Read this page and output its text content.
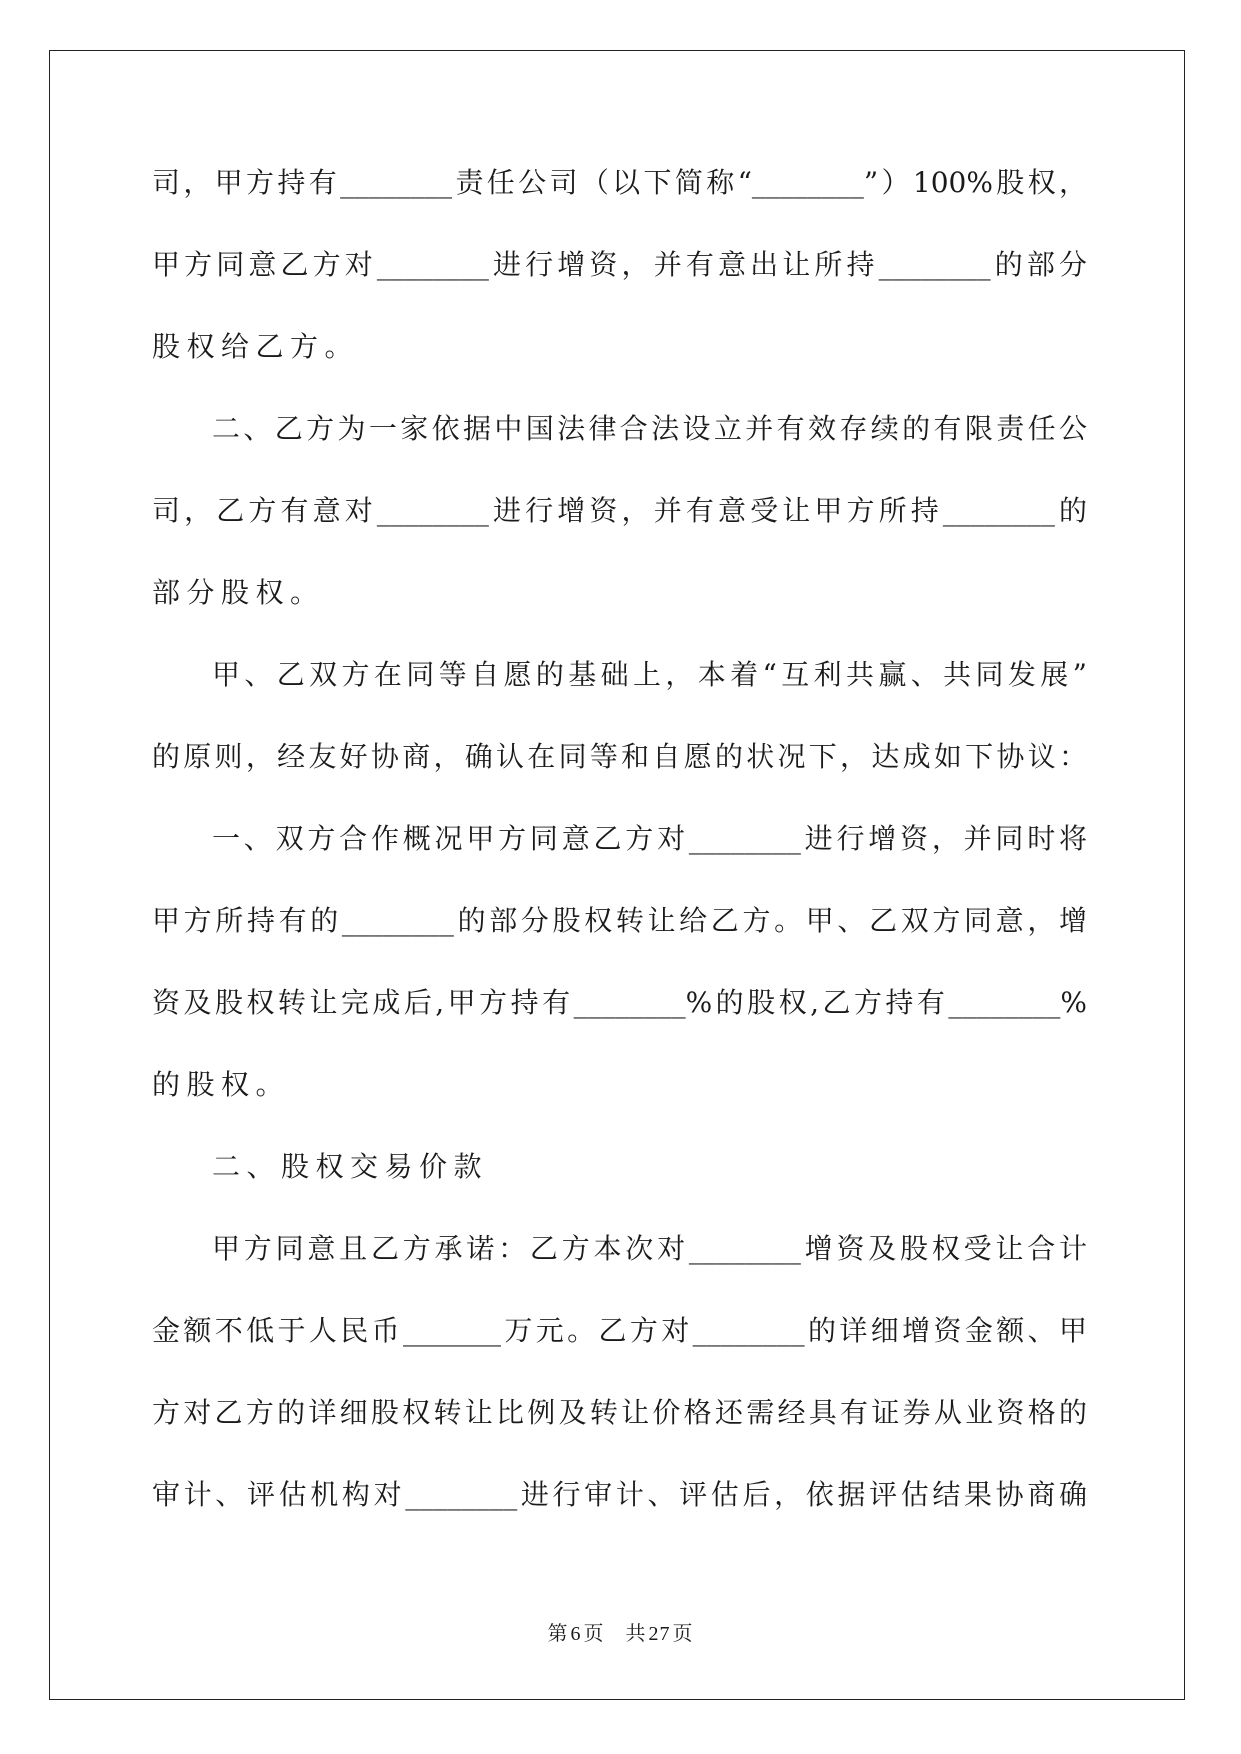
司，甲方持有________责任公司（以下简称“________”）100%股权，
甲方同意乙方对________进行增资，并有意出让所持________的部分
股权给乙方。
二、乙方为一家依据中国法律合法设立并有效存续的有限责任公
司，乙方有意对________进行增资，并有意受让甲方所持________的
部分股权。
甲、乙双方在同等自愿的基础上，本着“互利共赢、共同发展”
的原则，经友好协商，确认在同等和自愿的状况下，达成如下协议：
一、双方合作概况甲方同意乙方对________进行增资，并同时将
甲方所持有的________的部分股权转让给乙方。甲、乙双方同意，增
资及股权转让完成后,甲方持有________%的股权,乙方持有________%
的股权。
二、股权交易价款
甲方同意且乙方承诺：乙方本次对________增资及股权受让合计
金额不低于人民币_______万元。乙方对________的详细增资金额、甲
方对乙方的详细股权转让比例及转让价格还需经具有证券从业资格的
审计、评估机构对________进行审计、评估后，依据评估结果协商确
第 6 页　 共 27 页
